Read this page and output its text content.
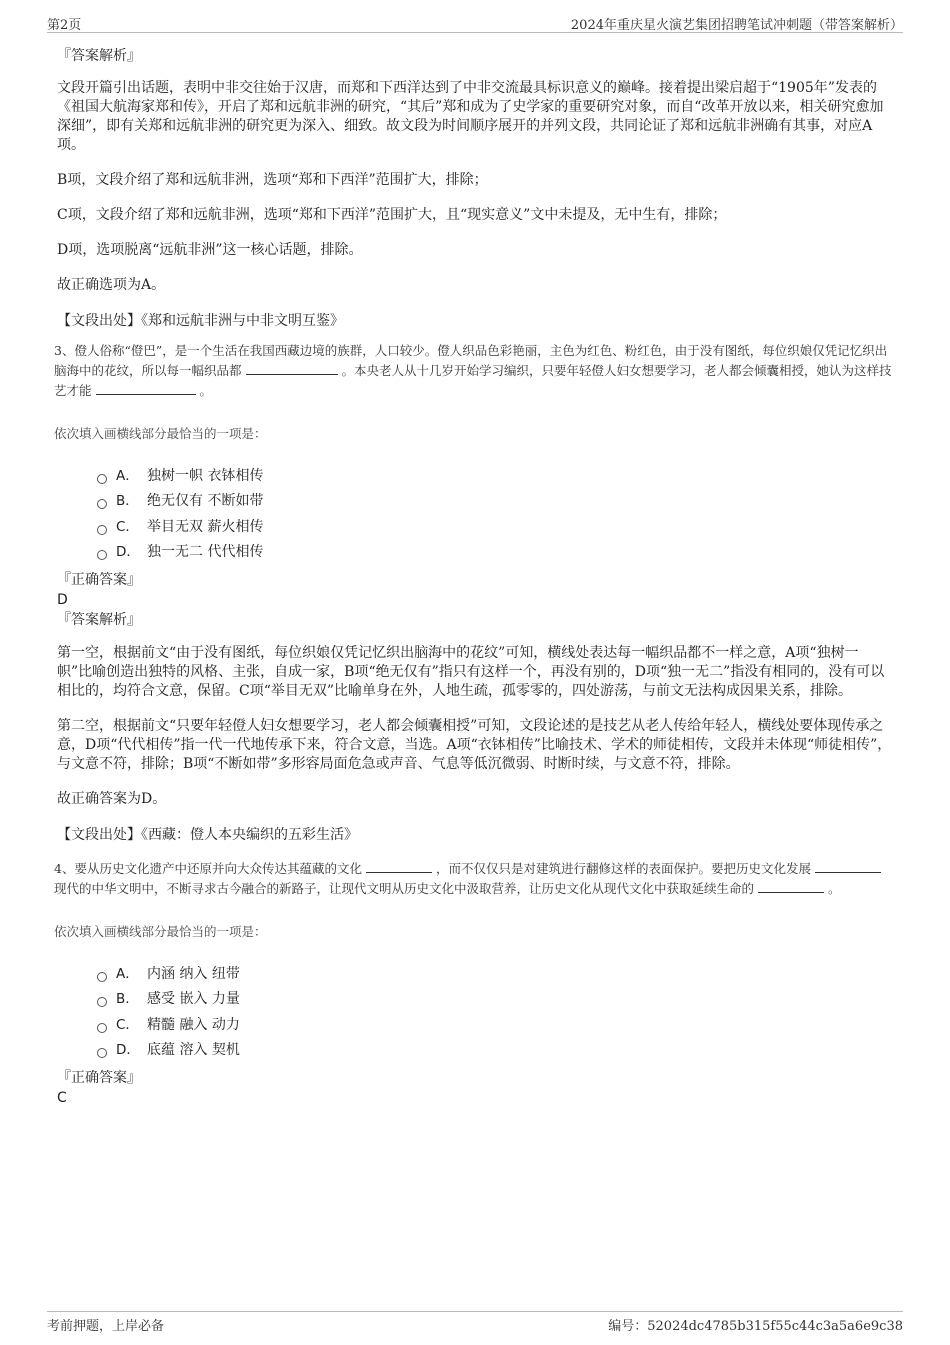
第2页	2024年重庆星火演艺集团招聘笔试冲刺题（带答案解析）
『答案解析』

文段开篇引出话题，表明中非交往始于汉唐，而郑和下西洋达到了中非交流最具标识意义的巅峰。接着提出梁启超于“1905年”发表的《祖国大航海家郑和传》，开启了郑和远航非洲的研究，“其后”郑和成为了史学家的重要研究对象，而自“改革开放以来，相关研究愈加深细”，即有关郑和远航非洲的研究更为深入、细致。故文段为时间顺序展开的并列文段，共同论证了郑和远航非洲确有其事，对应A项。

B项，文段介绍了郑和远航非洲，选项“郑和下西洋”范围扩大，排除；

C项，文段介绍了郑和远航非洲，选项“郑和下西洋”范围扩大，且“现实意义”文中未提及，无中生有，排除；

D项，选项脱离“远航非洲”这一核心话题，排除。

故正确选项为A。

【文段出处】《郑和远航非洲与中非文明互鉴》
3、僜人俗称“僜巴”，是一个生活在我国西藏边境的族群，人口较少。僜人织品色彩艳丽，主色为红色、粉红色，由于没有图纸，每位织娘仅凭记忆织出脑海中的花纹，所以每一幅织品都	。本央老人从十几岁开始学习编织，只要年轻僜人妇女想要学习，老人都会倾囊相授，她认为这样技艺才能	。
依次填入画横线部分最恰当的一项是：
A． 独树一帜 衣钵相传
B． 绝无仅有 不断如带
C． 举目无双 薪火相传
D． 独一无二 代代相传
『正确答案』
D
『答案解析』

第一空，根据前文“由于没有图纸，每位织娘仅凭记忆织出脑海中的花纹”可知，横线处表达每一幅织品都不一样之意，A项“独树一帜”比喻创造出独特的风格、主张，自成一家，B项“绝无仅有”指只有这样一个，再没有别的，D项“独一无二”指没有相同的，没有可以相比的，均符合文意，保留。C项“举目无双”比喻单身在外，人地生疏，孤零零的，四处游荡，与前文无法构成因果关系，排除。

第二空，根据前文“只要年轻僜人妇女想要学习，老人都会倾囊相授”可知，文段论述的是技艺从老人传给年轻人，横线处要体现传承之意，D项“代代相传”指一代一代地传承下来，符合文意，当选。A项“衣钵相传”比喻技术、学术的师徒相传，文段并未体现“师徒相传”，与文意不符，排除；B项“不断如带”多形容局面危急或声音、气息等低沉微弱、时断时续，与文意不符，排除。

故正确答案为D。

【文段出处】《西藏：僜人本央编织的五彩生活》
4、要从历史文化遗产中还原并向大众传达其蕴藏的文化	，而不仅仅只是对建筑进行翻修这样的表面保护。要把历史文化发展  现代的中华文明中，不断寻求古今融合的新路子，让现代文明从历史文化中汲取营养，让历史文化从现代文化中获取延续生命的	。
依次填入画横线部分最恰当的一项是：
A． 内涵 纳入 纽带
B． 感受 嵌入 力量
C． 精髓 融入 动力
D． 底蕴 溶入 契机
『正确答案』
C
考前押题，上岸必备	编号：52024dc4785b315f55c44c3a5a6e9c38
